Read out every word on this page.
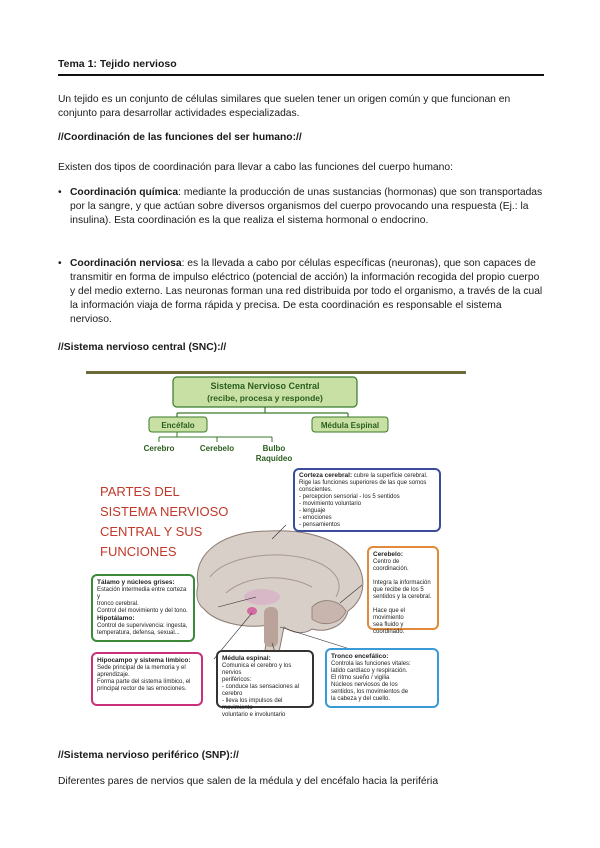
Tema 1: Tejido nervioso

Un tejido es un conjunto de células similares que suelen tener un origen común y que funcionan en conjunto para desarrollar actividades especializadas.

//Coordinación de las funciones del ser humano://

Existen dos tipos de coordinación para llevar a cabo las funciones del cuerpo humano:

• Coordinación química: mediante la producción de unas sustancias (hormonas) que son transportadas por la sangre, y que actúan sobre diversos organismos del cuerpo provocando una respuesta (Ej.: la insulina). Esta coordinación es la que realiza el sistema hormonal o endocrino.

• Coordinación nerviosa: es la llevada a cabo por células específicas (neuronas), que son capaces de transmitir en forma de impulso eléctrico (potencial de acción) la información recogida del propio cuerpo y del medio externo. Las neuronas forman una red distribuida por todo el organismo, a través de la cual la información viaja de forma rápida y precisa. De esta coordinación es responsable el sistema nervioso.

//Sistema nervioso central (SNC)://
Sistema Nervioso Central
(recibe, procesa y responde)
Encéfalo	Médula Espinal
Cerebro	Cerebelo	Bulbo
Raquídeo
PARTES DEL
SISTEMA NERVIOSO
CENTRAL Y SUS
FUNCIONES
Corteza cerebral: cubre la superficie cerebral.
Rige las funciones superiores de las que somos
conscientes.
- percepcion sensorial - los 5 sentidos
- movimiento voluntario
- lenguaje
- emociones
- pensamientos
Cerebelo:
Centro de coordinación.

Integra la información
que recibe de los 5
sentidos y la cerebral.

Hace que el movimiento
sea fluido y coordinado.
Tálamo y núcleos grises:
Estación intermedia entre corteza y
tronco cerebral.
Control del movimiento y del tono.
Hipotálamo:
Control de supervivencia: ingesta,
temperatura, defensa, sexual...
Hipocampo y sistema límbico:
Sede principal de la memoria y el
aprendizaje.
Forma parte del sistema límbico, el
principal rector de las emociones.
Médula espinal:
Comunica el cerebro y los nervios
periféricos:
- conduce las sensaciones al cerebro
- lleva los impulsos del movimiento
voluntario e involuntario
Tronco encefálico:
Controla las funciones vitales:
latido cardíaco y respiración.
El ritmo sueño / vigilia
Núcleos nerviosos de los
sentidos, los movimientos de
la cabeza y del cuello.
//Sistema nervioso periférico (SNP)://

Diferentes pares de nervios que salen de la médula y del encéfalo hacia la periféria
